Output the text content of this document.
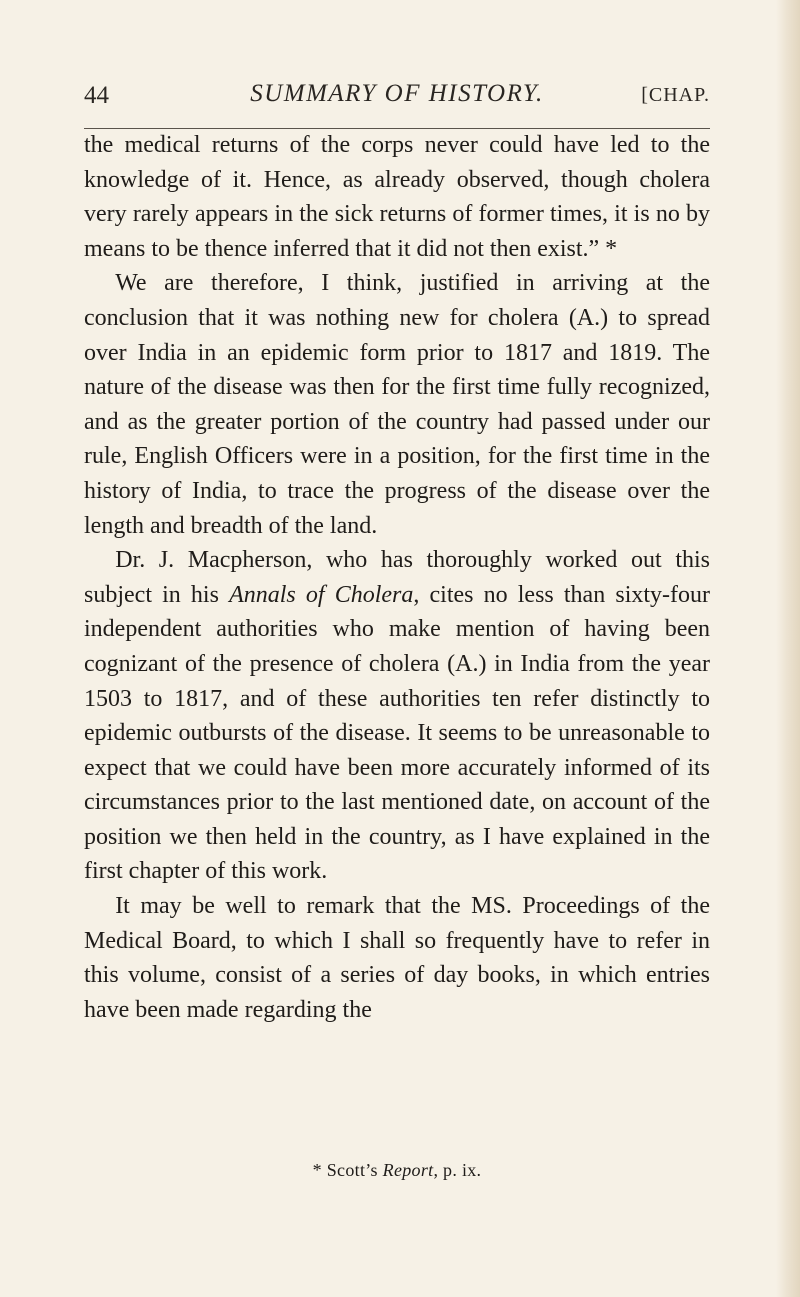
44	SUMMARY OF HISTORY.	[CHAP.

the medical returns of the corps never could have led to the knowledge of it. Hence, as already observed, though cholera very rarely appears in the sick returns of former times, it is no by means to be thence inferred that it did not then exist.” *

We are therefore, I think, justified in arriving at the conclusion that it was nothing new for cholera (A.) to spread over India in an epidemic form prior to 1817 and 1819. The nature of the disease was then for the first time fully recognized, and as the greater portion of the country had passed under our rule, English Officers were in a position, for the first time in the history of India, to trace the progress of the disease over the length and breadth of the land.

Dr. J. Macpherson, who has thoroughly worked out this subject in his Annals of Cholera, cites no less than sixty-four independent authorities who make mention of having been cognizant of the presence of cholera (A.) in India from the year 1503 to 1817, and of these authorities ten refer distinctly to epidemic outbursts of the disease. It seems to be unreasonable to expect that we could have been more accurately informed of its circumstances prior to the last mentioned date, on account of the position we then held in the country, as I have explained in the first chapter of this work.

It may be well to remark that the MS. Proceedings of the Medical Board, to which I shall so frequently have to refer in this volume, consist of a series of day books, in which entries have been made regarding the

* Scott’s Report, p. ix.
